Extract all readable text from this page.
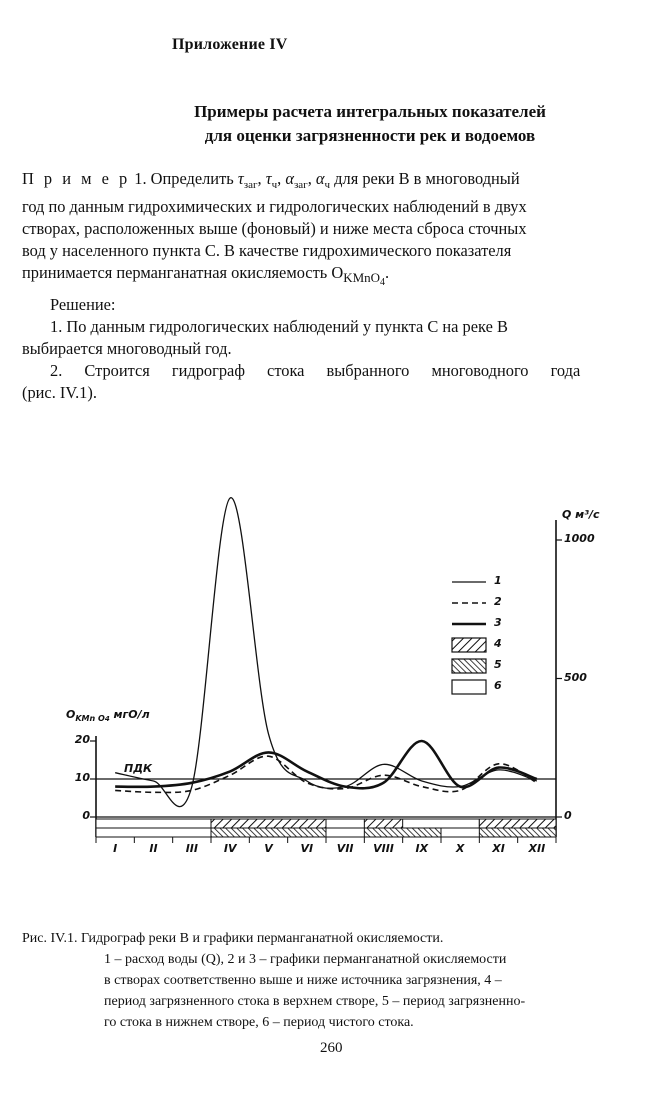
Приложение IV
Примеры расчета интегральных показателей
для оценки загрязненности рек и водоемов

П р и м е р 1. Определить $\tau_{заг}$, $\tau_ч$, $\alpha_{заг}$, $\alpha_ч$ для реки В в многоводный
год по данным гидрохимических и гидрологических наблюдений в двух
створах, расположенных выше (фоновый) и ниже места сброса сточных
вод у населенного пункта С. В качестве гидрохимического показателя
принимается перманганатная окисляемость $O_{KMnO_4}$.

Решение:

1. По данным гидрологических наблюдений у пункта С на реке В
выбирается многоводный год.

2. Строится гидрограф стока выбранного многоводного года
(рис. IV.1).

$O_{KMn O4}$ мгO/л
Q м³/с
ПДК
20
10
0
1000
500
0
I	II	III IV	V	VI VII VIII IX	X	XI XII
1
2
3
4
5
6
Рис. IV.1. Гидрограф реки В и графики перманганатной окисляемости.
1 – расход воды (Q), 2 и 3 – графики перманганатной окисляемости
в створах соответственно выше и ниже источника загрязнения, 4 –
период загрязненного стока в верхнем створе, 5 – период загрязненно-
го стока в нижнем створе, 6 – период чистого стока.
260
